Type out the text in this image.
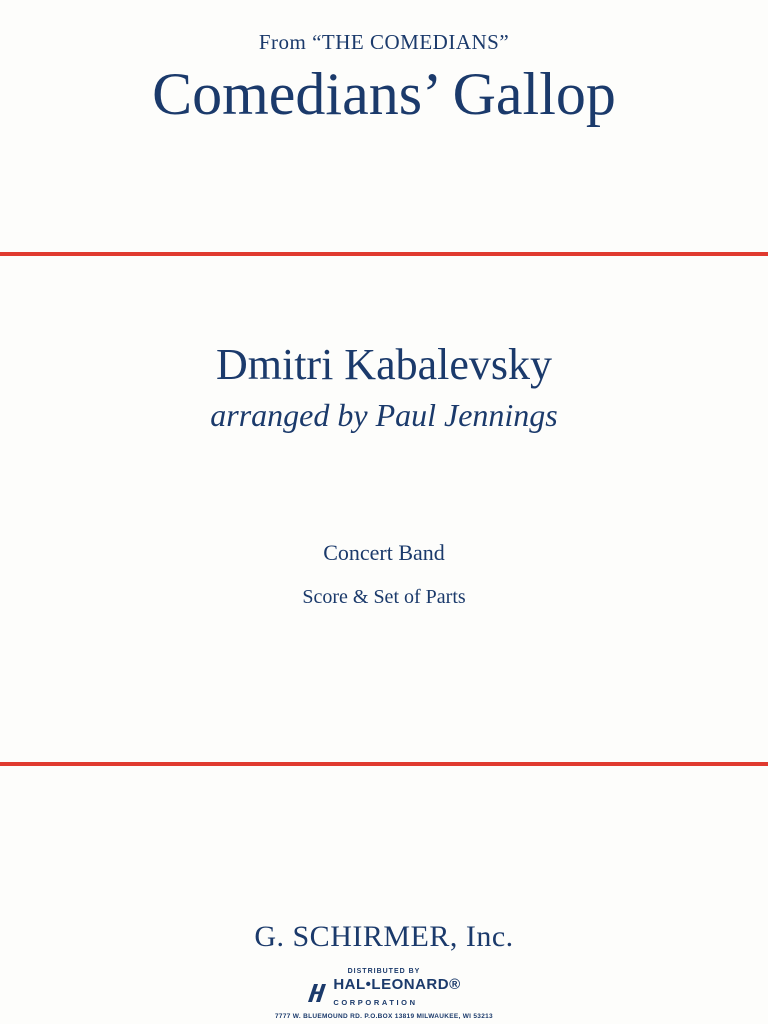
From “THE COMEDIANS”
Comedians’ Gallop
Dmitri Kabalevsky
arranged by Paul Jennings
Concert Band
Score & Set of Parts
G. SCHIRMER, Inc.
DISTRIBUTED BY
HAL•LEONARD®
CORPORATION
7777 W. BLUEMOUND RD. P.O.BOX 13819 MILWAUKEE, WI 53213
